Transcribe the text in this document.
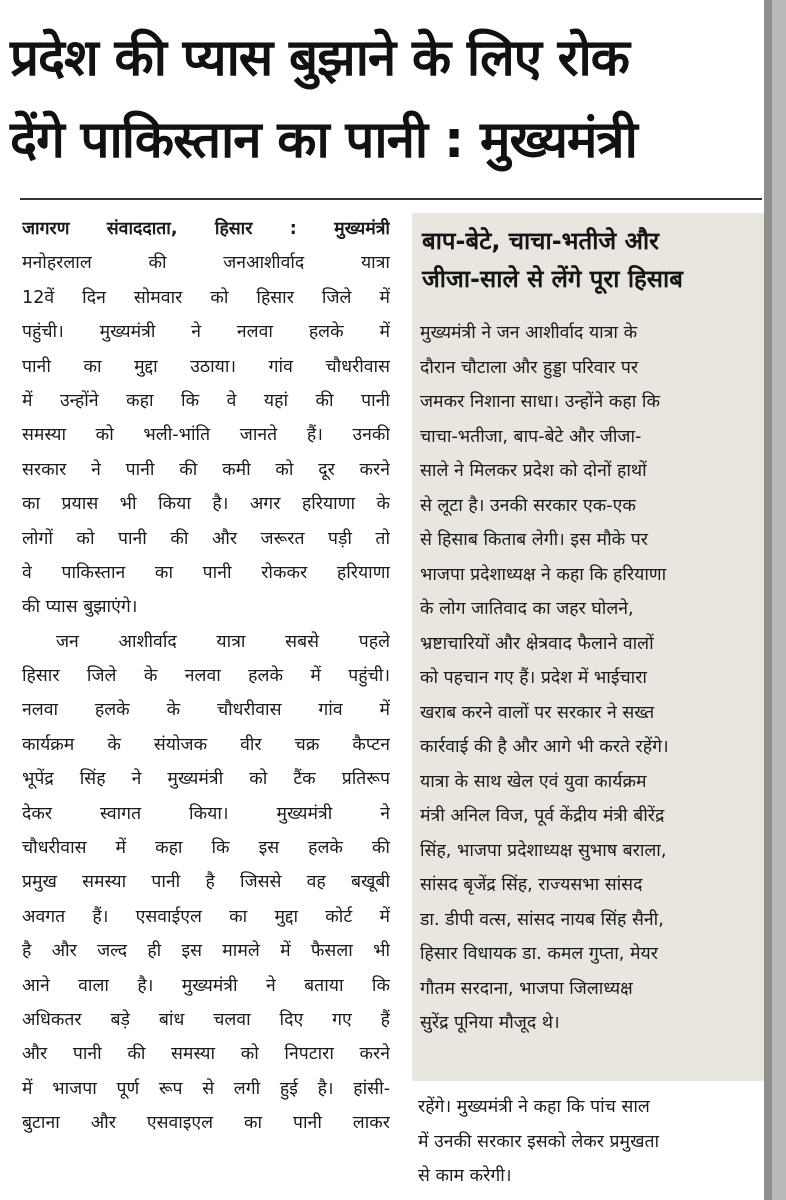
प्रदेश की प्यास बुझाने के लिए रोक
देंगे पाकिस्तान का पानी : मुख्यमंत्री
जागरण संवाददाता, हिसार : मुख्यमंत्री
मनोहरलाल की जनआशीर्वाद यात्रा
12वें दिन सोमवार को हिसार जिले में
पहुंची। मुख्यमंत्री ने नलवा हलके में
पानी का मुद्दा उठाया। गांव चौधरीवास
में उन्होंने कहा कि वे यहां की पानी
समस्या को भली-भांति जानते हैं। उनकी
सरकार ने पानी की कमी को दूर करने
का प्रयास भी किया है। अगर हरियाणा के
लोगों को पानी की और जरूरत पड़ी तो
वे पाकिस्तान का पानी रोककर हरियाणा
की प्यास बुझाएंगे।
जन आशीर्वाद यात्रा सबसे पहले
हिसार जिले के नलवा हलके में पहुंची।
नलवा हलके के चौधरीवास गांव में
कार्यक्रम के संयोजक वीर चक्र कैप्टन
भूपेंद्र सिंह ने मुख्यमंत्री को टैंक प्रतिरूप
देकर स्वागत किया। मुख्यमंत्री ने
चौधरीवास में कहा कि इस हलके की
प्रमुख समस्या पानी है जिससे वह बखूबी
अवगत हैं। एसवाईएल का मुद्दा कोर्ट में
है और जल्द ही इस मामले में फैसला भी
आने वाला है। मुख्यमंत्री ने बताया कि
अधिकतर बड़े बांध चलवा दिए गए हैं
और पानी की समस्या को निपटारा करने
में भाजपा पूर्ण रूप से लगी हुई है। हांसी-
बुटाना और एसवाइएल का पानी लाकर
बाप-बेटे, चाचा-भतीजे और
जीजा-साले से लेंगे पूरा हिसाब
मुख्यमंत्री ने जन आशीर्वाद यात्रा के
दौरान चौटाला और हुड्डा परिवार पर
जमकर निशाना साधा। उन्होंने कहा कि
चाचा-भतीजा, बाप-बेटे और जीजा-
साले ने मिलकर प्रदेश को दोनों हाथों
से लूटा है। उनकी सरकार एक-एक
से हिसाब किताब लेगी। इस मौके पर
भाजपा प्रदेशाध्यक्ष ने कहा कि हरियाणा
के लोग जातिवाद का जहर घोलने,
भ्रष्टाचारियों और क्षेत्रवाद फैलाने वालों
को पहचान गए हैं। प्रदेश में भाईचारा
खराब करने वालों पर सरकार ने सख्त
कार्रवाई की है और आगे भी करते रहेंगे।
यात्रा के साथ खेल एवं युवा कार्यक्रम
मंत्री अनिल विज, पूर्व केंद्रीय मंत्री बीरेंद्र
सिंह, भाजपा प्रदेशाध्यक्ष सुभाष बराला,
सांसद बृजेंद्र सिंह, राज्यसभा सांसद
डा. डीपी वत्स, सांसद नायब सिंह सैनी,
हिसार विधायक डा. कमल गुप्ता, मेयर
गौतम सरदाना, भाजपा जिलाध्यक्ष
सुरेंद्र पूनिया मौजूद थे।
रहेंगे। मुख्यमंत्री ने कहा कि पांच साल
में उनकी सरकार इसको लेकर प्रमुखता
से काम करेगी।
